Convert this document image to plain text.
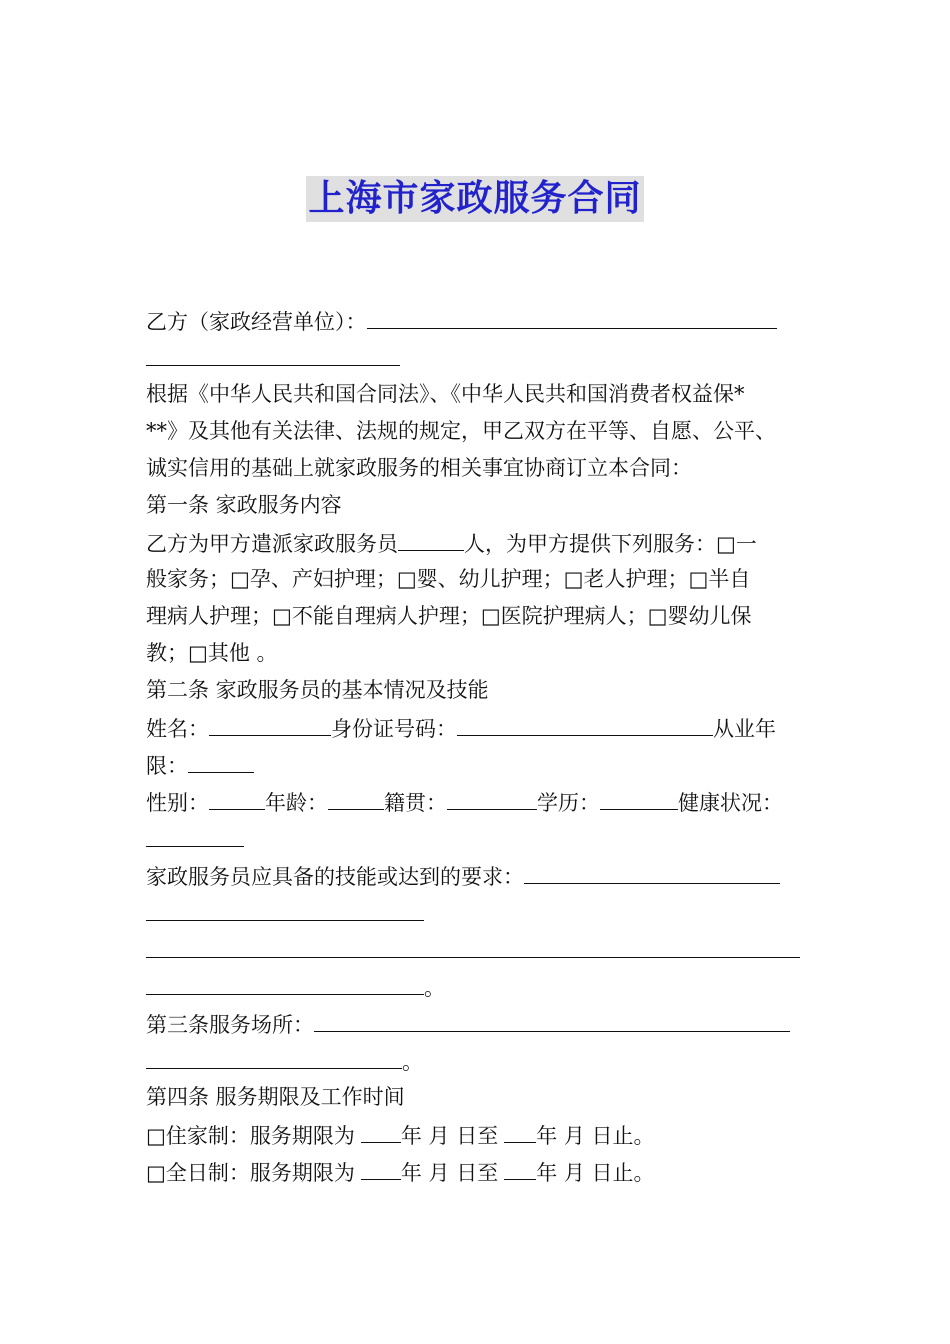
上海市家政服务合同
乙方（家政经营单位）：
根据《中华人民共和国合同法》、《中华人民共和国消费者权益保*
**》及其他有关法律、法规的规定，甲乙双方在平等、自愿、公平、
诚实信用的基础上就家政服务的相关事宜协商订立本合同：
第一条 家政服务内容
乙方为甲方遣派家政服务员	人，为甲方提供下列服务：□一
般家务；□孕、产妇护理；□婴、幼儿护理；□老人护理；□半自
理病人护理；□不能自理病人护理；□医院护理病人；□婴幼儿保
教；□其他 。
第二条 家政服务员的基本情况及技能
姓名：	身份证号码：	从业年
限：
性别：	年龄：	籍贯：	学历：	健康状况：
家政服务员应具备的技能或达到的要求：
。
第三条服务场所：
。
第四条 服务期限及工作时间
□住家制：服务期限为 年 月 日至 年 月 日止。
□全日制：服务期限为 年 月 日至 年 月 日止。
